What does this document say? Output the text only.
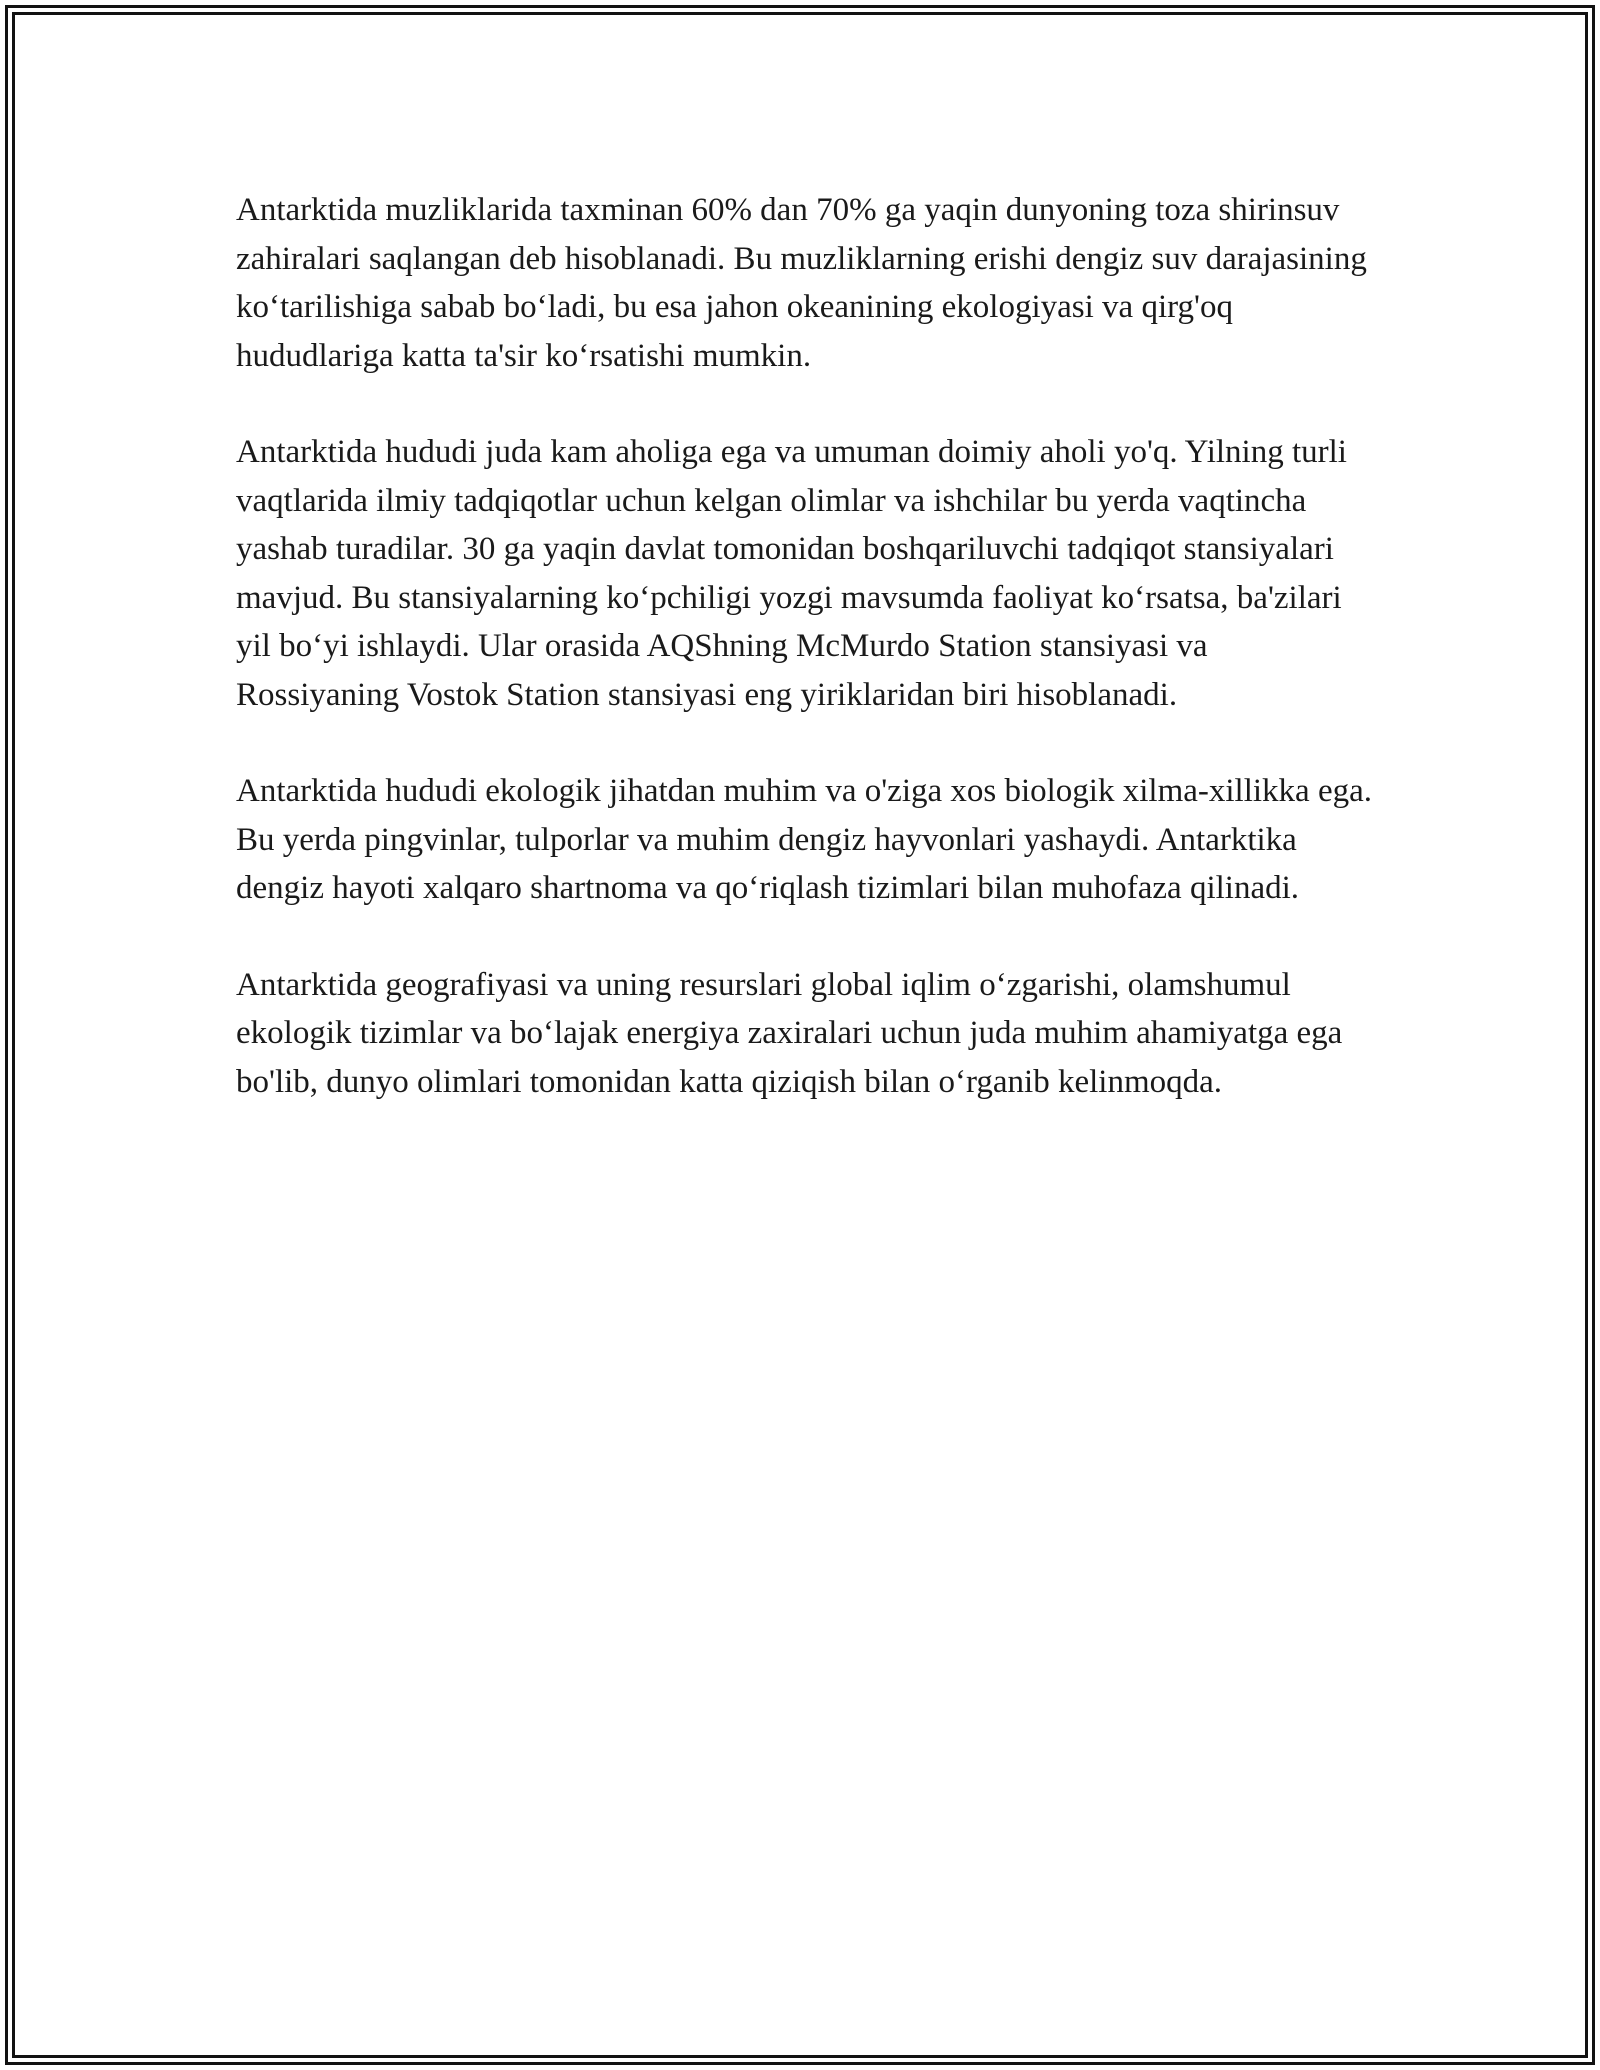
Antarktida muzliklarida taxminan 60% dan 70% ga yaqin dunyoning toza shirinsuv zahiralari saqlangan deb hisoblanadi. Bu muzliklarning erishi dengiz suv darajasining ko‘tarilishiga sabab bo‘ladi, bu esa jahon okeanining ekologiyasi va qirg'oq hududlariga katta ta'sir ko‘rsatishi mumkin.

Antarktida hududi juda kam aholiga ega va umuman doimiy aholi yo'q. Yilning turli vaqtlarida ilmiy tadqiqotlar uchun kelgan olimlar va ishchilar bu yerda vaqtincha yashab turadilar. 30 ga yaqin davlat tomonidan boshqariluvchi tadqiqot stansiyalari mavjud. Bu stansiyalarning ko‘pchiligi yozgi mavsumda faoliyat ko‘rsatsa, ba'zilari yil bo‘yi ishlaydi. Ular orasida AQShning McMurdo Station stansiyasi va Rossiyaning Vostok Station stansiyasi eng yiriklaridan biri hisoblanadi.

Antarktida hududi ekologik jihatdan muhim va o'ziga xos biologik xilma-xillikka ega. Bu yerda pingvinlar, tulporlar va muhim dengiz hayvonlari yashaydi. Antarktika dengiz hayoti xalqaro shartnoma va qo‘riqlash tizimlari bilan muhofaza qilinadi.

Antarktida geografiyasi va uning resurslari global iqlim o‘zgarishi, olamshumul ekologik tizimlar va bo‘lajak energiya zaxiralari uchun juda muhim ahamiyatga ega bo'lib, dunyo olimlari tomonidan katta qiziqish bilan o‘rganib kelinmoqda.
